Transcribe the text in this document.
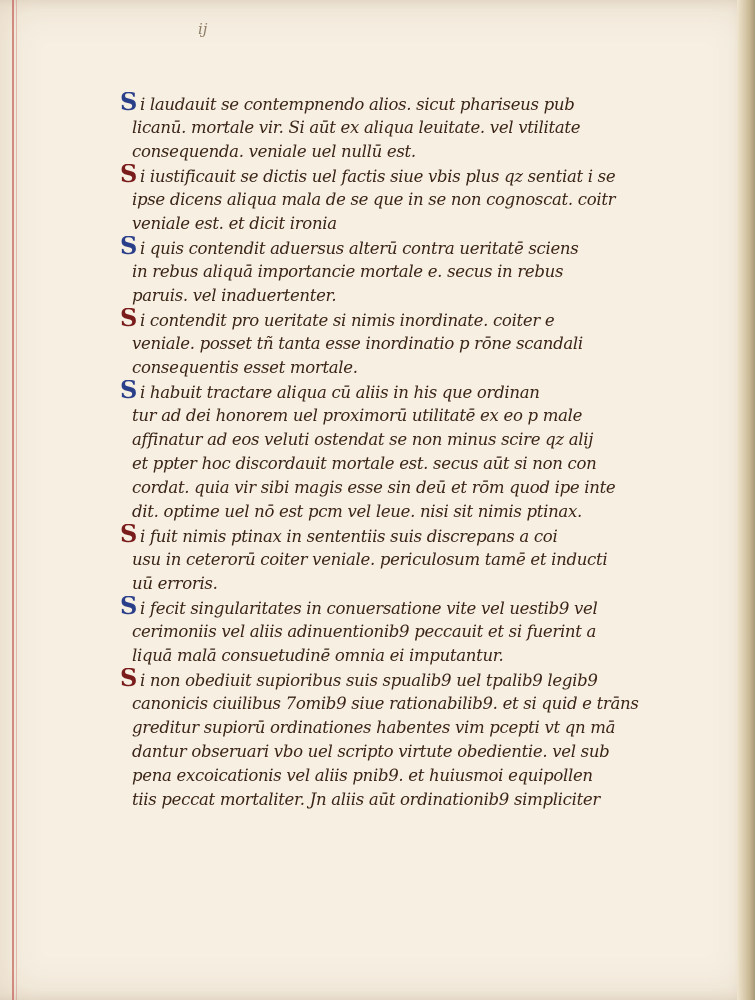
ij
S i laudauit se contempnendo alios. sicut phariseus pub
licanū. mortale vir. Si aūt ex aliqua leuitate. vel vtilitate
consequenda. veniale uel nullū est.
S i iustificauit se dictis uel factis siue vbis plus qz sentiat i se
ipse dicens aliqua mala de se que in se non cognoscat. coitr
veniale est. et dicit ironia
S i quis contendit aduersus alterū contra ueritatē sciens
in rebus aliquā importancie mortale e. secus in rebus
paruis. vel inaduertenter.
S i contendit pro ueritate si nimis inordinate. coiter e
veniale. posset tñ tanta esse inordinatio p rōne scandali
consequentis esset mortale.
S i habuit tractare aliqua cū aliis in his que ordinan
tur ad dei honorem uel proximorū utilitatē ex eo p male
affinatur ad eos veluti ostendat se non minus scire qz alij
et ppter hoc discordauit mortale est. secus aūt si non con
cordat. quia vir sibi magis esse sin deū et rōm quod ipe inte
dit. optime uel nō est pcm vel leue. nisi sit nimis ptinax.
S i fuit nimis ptinax in sententiis suis discrepans a coi
usu in ceterorū coiter veniale. periculosum tamē et inducti
uū erroris.
S i fecit singularitates in conuersatione vite vel uestib9 vel
cerimoniis vel aliis adinuentionib9 peccauit et si fuerint a
liquā malā consuetudinē omnia ei imputantur.
S i non obediuit supioribus suis spualib9 uel tpalib9 legib9
canonicis ciuilibus 7omib9 siue rationabilib9. et si quid e trāns
greditur supiorū ordinationes habentes vim pcepti vt qn mā
dantur obseruari vbo uel scripto virtute obedientie. vel sub
pena excoicationis vel aliis pnib9. et huiusmoi equipollen
tiis peccat mortaliter. Jn aliis aūt ordinationib9 simpliciter
